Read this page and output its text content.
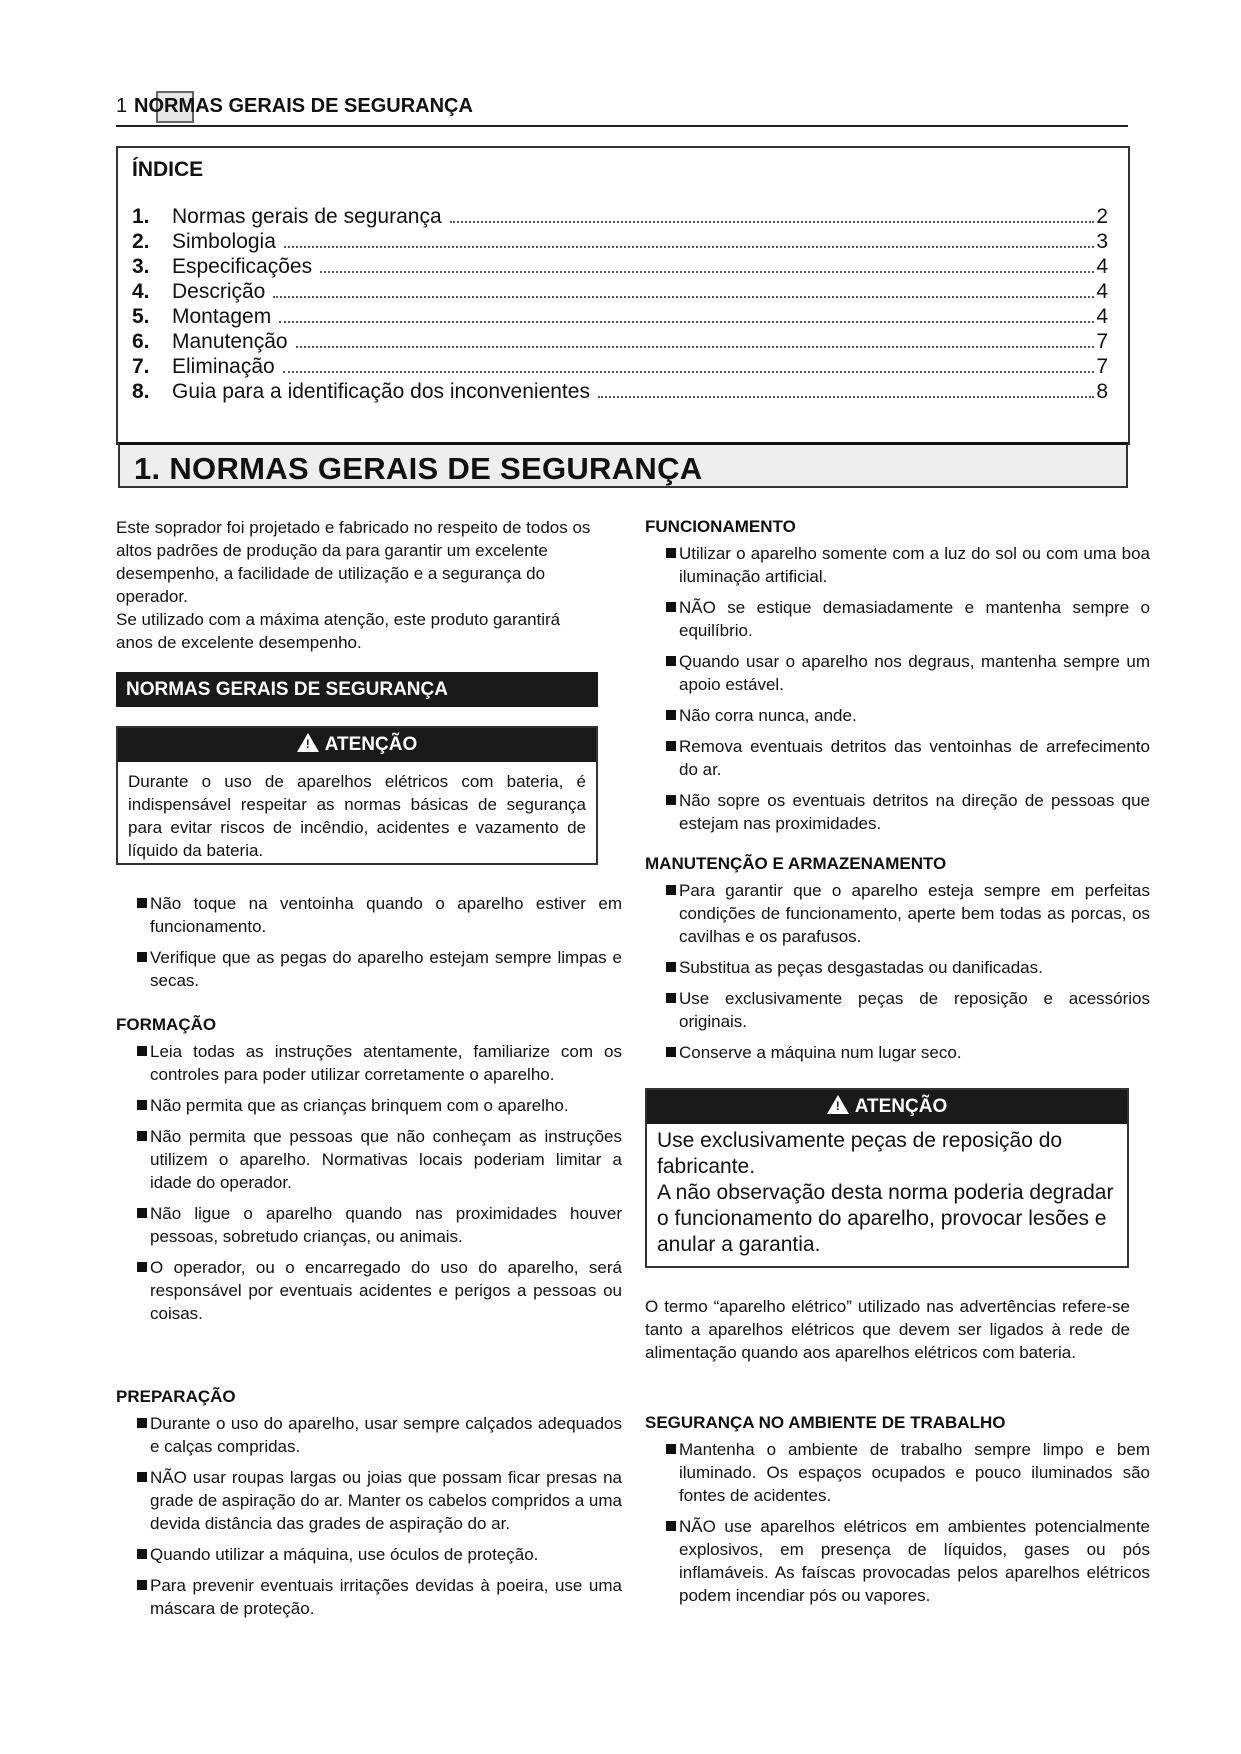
1 NORMAS GERAIS DE SEGURANÇA
ÍNDICE
1.	Normas gerais de segurança	2
2.	Simbologia	3
3.	Especificações	4
4.	Descrição	4
5.	Montagem	4
6.	Manutenção	7
7.	Eliminação	7
8.	Guia para a identificação dos inconvenientes	8
1. NORMAS GERAIS DE SEGURANÇA

Este soprador foi projetado e fabricado no respeito de todos os altos padrões de produção da para garantir um excelente desempenho, a facilidade de utilização e a segurança do operador.

Se utilizado com a máxima atenção, este produto garantirá anos de excelente desempenho.

NORMAS GERAIS DE SEGURANÇA
! ATENÇÃO

Durante o uso de aparelhos elétricos com bateria, é indispensável respeitar as normas básicas de segurança para evitar riscos de incêndio, acidentes e vazamento de líquido da bateria.

Não toque na ventoinha quando o aparelho estiver em funcionamento.
Verifique que as pegas do aparelho estejam sempre limpas e secas.

FORMAÇÃO

Leia todas as instruções atentamente, familiarize com os controles para poder utilizar corretamente o aparelho.
Não permita que as crianças brinquem com o aparelho.
Não permita que pessoas que não conheçam as instruções utilizem o aparelho. Normativas locais poderiam limitar a idade do operador.
Não ligue o aparelho quando nas proximidades houver pessoas, sobretudo crianças, ou animais.
O operador, ou o encarregado do uso do aparelho, será responsável por eventuais acidentes e perigos a pessoas ou coisas.

PREPARAÇÃO

Durante o uso do aparelho, usar sempre calçados adequados e calças compridas.
NÃO usar roupas largas ou joias que possam ficar presas na grade de aspiração do ar. Manter os cabelos compridos a uma devida distância das grades de aspiração do ar.
Quando utilizar a máquina, use óculos de proteção.
Para prevenir eventuais irritações devidas à poeira, use uma máscara de proteção.

FUNCIONAMENTO

Utilizar o aparelho somente com a luz do sol ou com uma boa iluminação artificial.
NÃO se estique demasiadamente e mantenha sempre o equilíbrio.
Quando usar o aparelho nos degraus, mantenha sempre um apoio estável.
Não corra nunca, ande.
Remova eventuais detritos das ventoinhas de arrefecimento do ar.
Não sopre os eventuais detritos na direção de pessoas que estejam nas proximidades.

MANUTENÇÃO E ARMAZENAMENTO

Para garantir que o aparelho esteja sempre em perfeitas condições de funcionamento, aperte bem todas as porcas, os cavilhas e os parafusos.
Substitua as peças desgastadas ou danificadas.
Use exclusivamente peças de reposição e acessórios originais.
Conserve a máquina num lugar seco.
! ATENÇÃO

Use exclusivamente peças de reposição do fabricante.
A não observação desta norma poderia degradar o funcionamento do aparelho, provocar lesões e anular a garantia.

O termo “aparelho elétrico” utilizado nas advertências refere-se tanto a aparelhos elétricos que devem ser ligados à rede de alimentação quando aos aparelhos elétricos com bateria.

SEGURANÇA NO AMBIENTE DE TRABALHO

Mantenha o ambiente de trabalho sempre limpo e bem iluminado. Os espaços ocupados e pouco iluminados são fontes de acidentes.
NÃO use aparelhos elétricos em ambientes potencialmente explosivos, em presença de líquidos, gases ou pós inflamáveis. As faíscas provocadas pelos aparelhos elétricos podem incendiar pós ou vapores.
